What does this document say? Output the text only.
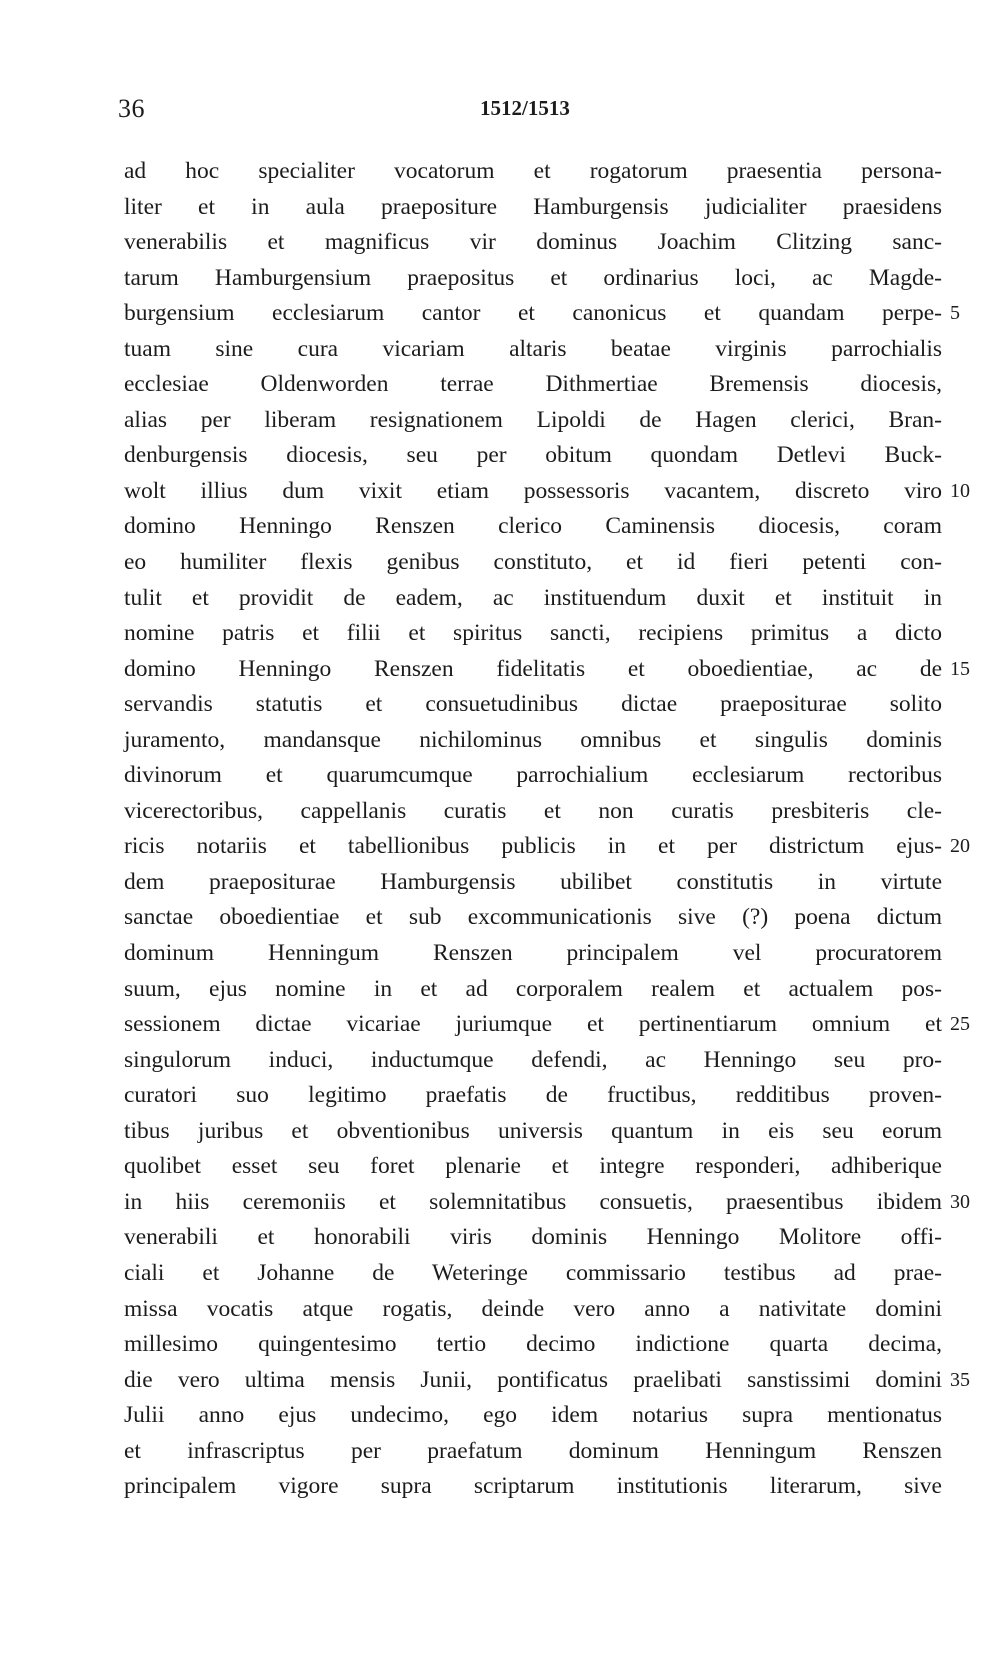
36	1512/1513
ad hoc specialiter vocatorum et rogatorum praesentia persona-
liter et in aula praepositure Hamburgensis judicialiter praesidens
venerabilis et magnificus vir dominus Joachim Clitzing sanc-
tarum Hamburgensium praepositus et ordinarius loci, ac Magde-
burgensium ecclesiarum cantor et canonicus et quandam perpe- 5
tuam sine cura vicariam altaris beatae virginis parrochialis
ecclesiae Oldenworden terrae Dithmertiae Bremensis diocesis,
alias per liberam resignationem Lipoldi de Hagen clerici, Bran-
denburgensis diocesis, seu per obitum quondam Detlevi Buck-
wolt illius dum vixit etiam possessoris vacantem, discreto viro 10
domino Henningo Renszen clerico Caminensis diocesis, coram
eo humiliter flexis genibus constituto, et id fieri petenti con-
tulit et providit de eadem, ac instituendum duxit et instituit in
nomine patris et filii et spiritus sancti, recipiens primitus a dicto
domino Henningo Renszen fidelitatis et oboedientiae, ac de 15
servandis statutis et consuetudinibus dictae praepositurae solito
juramento, mandansque nichilominus omnibus et singulis dominis
divinorum et quarumcumque parrochialium ecclesiarum rectoribus
vicerectoribus, cappellanis curatis et non curatis presbiteris cle-
ricis notariis et tabellionibus publicis in et per districtum ejus- 20
dem praepositurae Hamburgensis ubilibet constitutis in virtute
sanctae oboedientiae et sub excommunicationis sive (?) poena dictum
dominum Henningum Renszen principalem vel procuratorem
suum, ejus nomine in et ad corporalem realem et actualem pos-
sessionem dictae vicariae juriumque et pertinentiarum omnium et 25
singulorum induci, inductumque defendi, ac Henningo seu pro-
curatori suo legitimo praefatis de fructibus, redditibus proven-
tibus juribus et obventionibus universis quantum in eis seu eorum
quolibet esset seu foret plenarie et integre responderi, adhiberique
in hiis ceremoniis et solemnitatibus consuetis, praesentibus ibidem 30
venerabili et honorabili viris dominis Henningo Molitore offi-
ciali et Johanne de Weteringe commissario testibus ad prae-
missa vocatis atque rogatis, deinde vero anno a nativitate domini
millesimo quingentesimo tertio decimo indictione quarta decima,
die vero ultima mensis Junii, pontificatus praelibati sanstissimi domini 35
Julii anno ejus undecimo, ego idem notarius supra mentionatus
et infrascriptus per praefatum dominum Henningum Renszen
principalem vigore supra scriptarum institutionis literarum, sive
